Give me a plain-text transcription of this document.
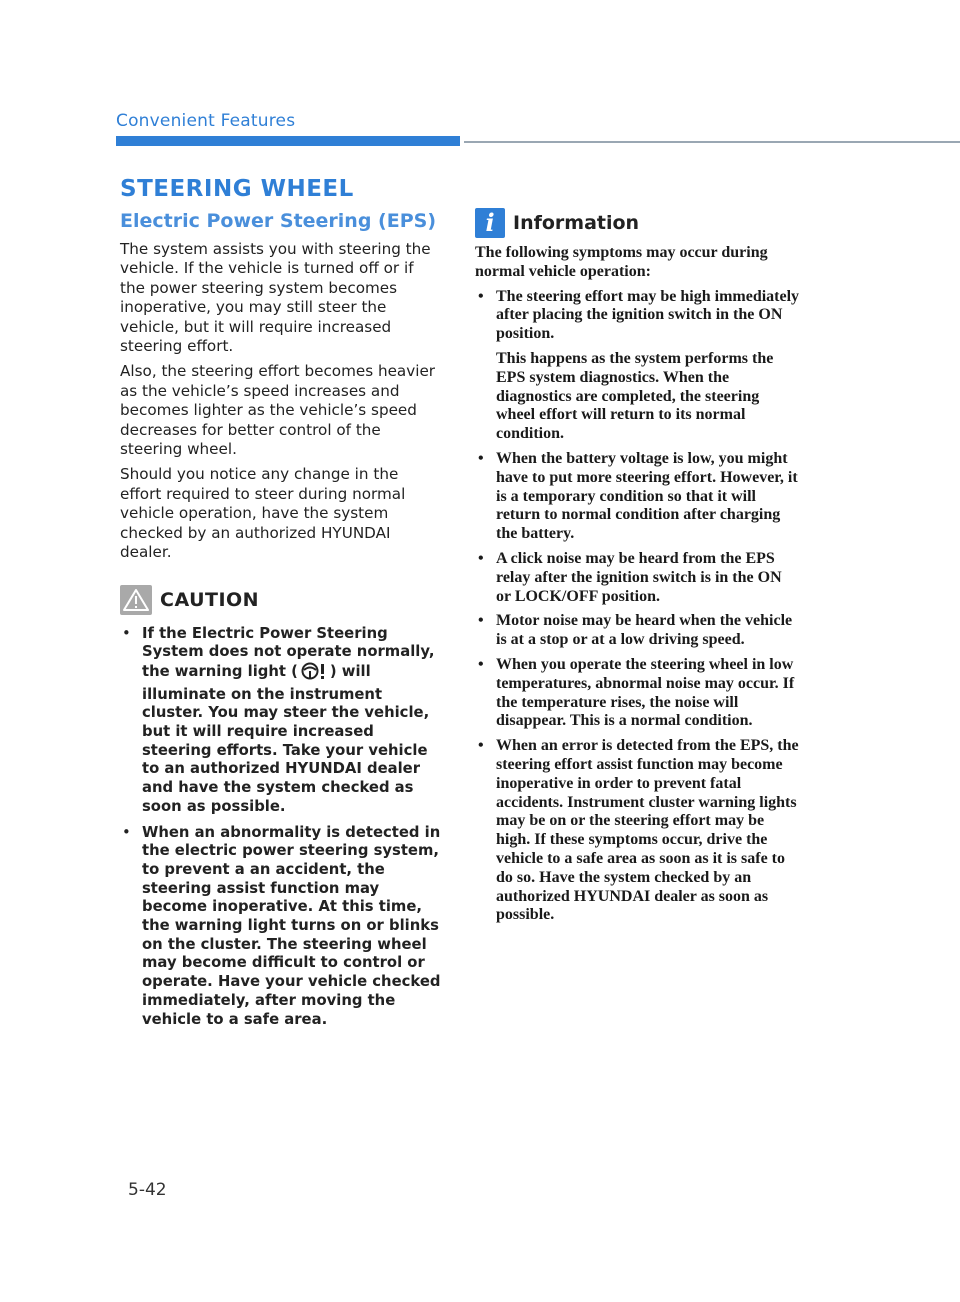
Convenient Features
STEERING WHEEL
Electric Power Steering (EPS)

The system assists you with steering the vehicle. If the vehicle is turned off or if the power steering system becomes inoperative, you may still steer the vehicle, but it will require increased steering effort.

Also, the steering effort becomes heavier as the vehicle’s speed increases and becomes lighter as the vehicle’s speed decreases for better control of the steering wheel.

Should you notice any change in the effort required to steer during normal vehicle operation, have the system checked by an authorized HYUNDAI dealer.

CAUTION
• If the Electric Power Steering System does not operate normally, the warning light ( ) will illuminate on the instrument cluster. You may steer the vehicle, but it will require increased steering efforts. Take your vehicle to an authorized HYUNDAI dealer and have the system checked as soon as possible.
• When an abnormality is detected in the electric power steering system, to prevent a an accident, the steering assist function may become inoperative. At this time, the warning light turns on or blinks on the cluster. The steering wheel may become difficult to control or operate. Have your vehicle checked immediately, after moving the vehicle to a safe area.
i Information

The following symptoms may occur during normal vehicle operation:

• The steering effort may be high immediately after placing the ignition switch in the ON position.

This happens as the system performs the EPS system diagnostics. When the diagnostics are completed, the steering wheel effort will return to its normal condition.

• When the battery voltage is low, you might have to put more steering effort. However, it is a temporary condition so that it will return to normal condition after charging the battery.
• A click noise may be heard from the EPS relay after the ignition switch is in the ON or LOCK/OFF position.
• Motor noise may be heard when the vehicle is at a stop or at a low driving speed.
• When you operate the steering wheel in low temperatures, abnormal noise may occur. If the temperature rises, the noise will disappear. This is a normal condition.
• When an error is detected from the EPS, the steering effort assist function may become inoperative in order to prevent fatal accidents. Instrument cluster warning lights may be on or the steering effort may be high. If these symptoms occur, drive the vehicle to a safe area as soon as it is safe to do so. Have the system checked by an authorized HYUNDAI dealer as soon as possible.
5-42
